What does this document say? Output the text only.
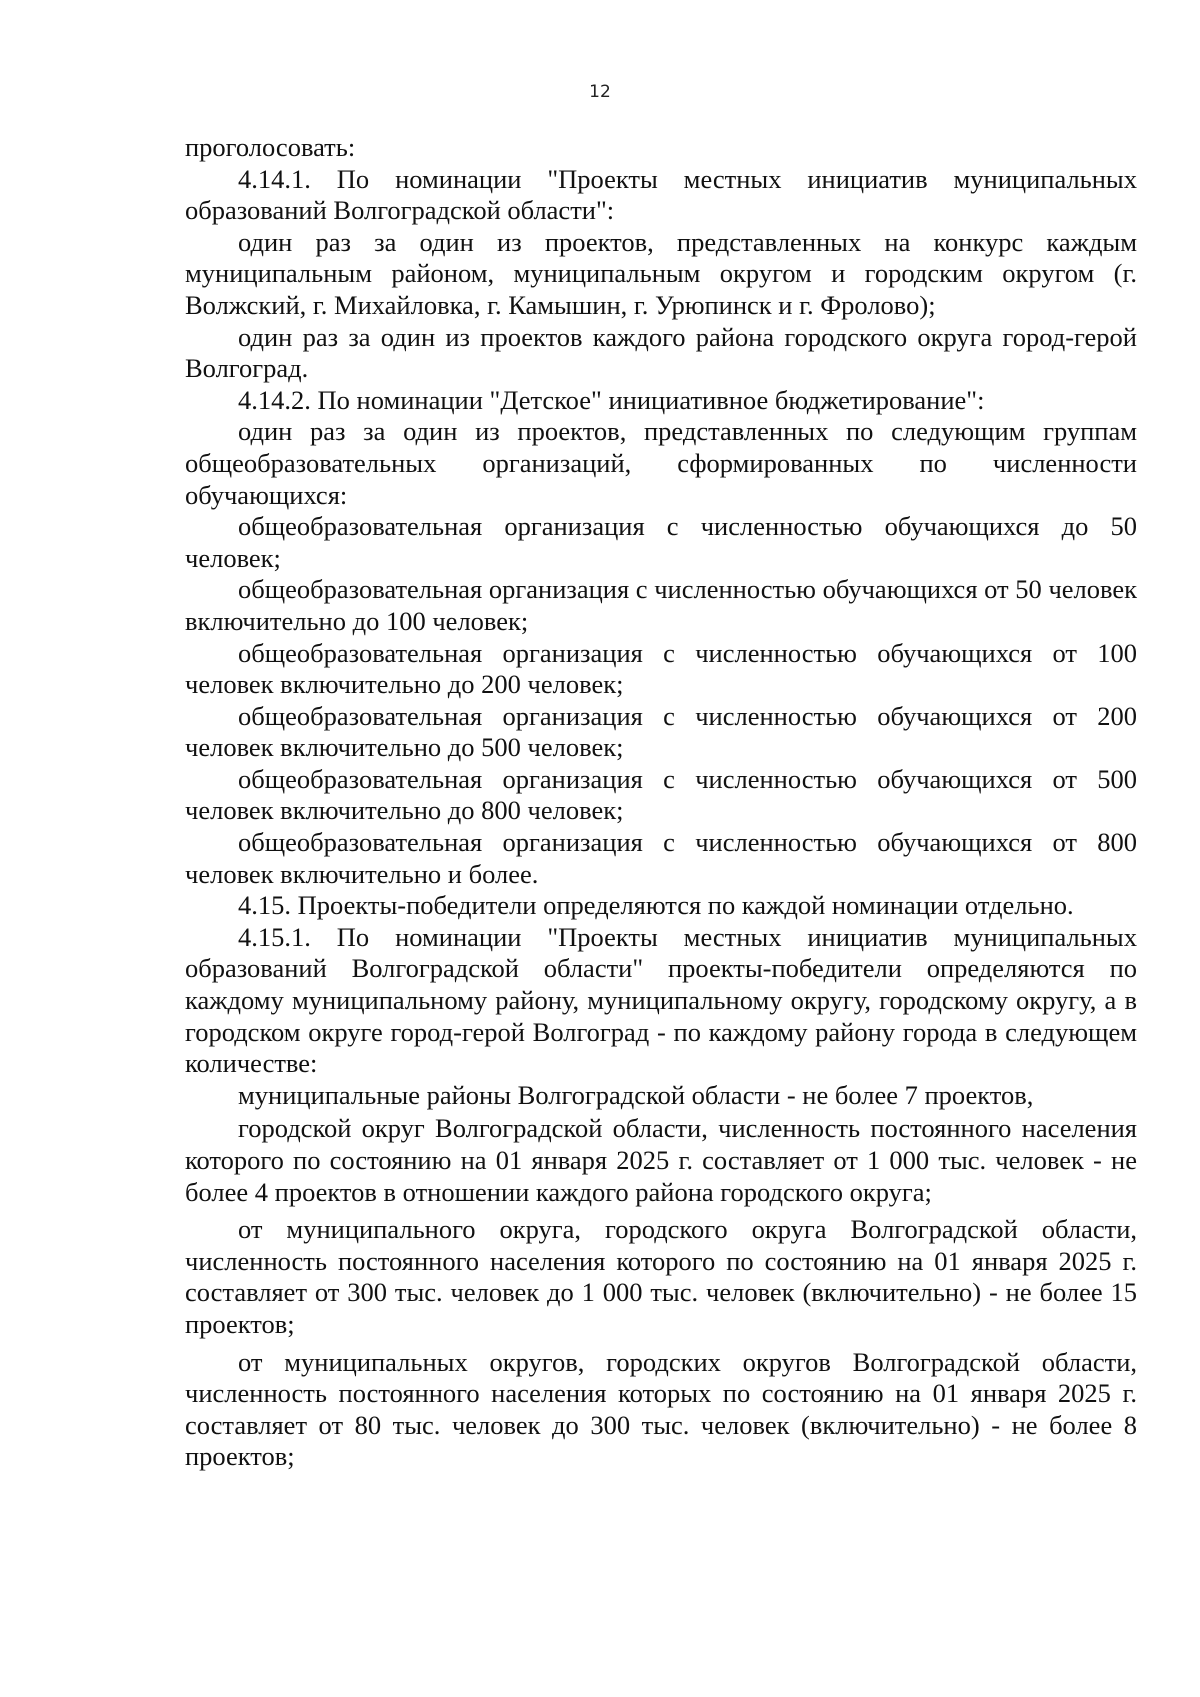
12

проголосовать:

4.14.1. По номинации "Проекты местных инициатив муниципальных образований Волгоградской области":

один раз за один из проектов, представленных на конкурс каждым муниципальным районом, муниципальным округом и городским округом (г. Волжский, г. Михайловка, г. Камышин, г. Урюпинск и г. Фролово);

один раз за один из проектов каждого района городского округа город-герой Волгоград.

4.14.2. По номинации "Детское" инициативное бюджетирование":

один раз за один из проектов, представленных по следующим группам общеобразовательных организаций, сформированных по численности обучающихся:

общеобразовательная организация с численностью обучающихся до 50 человек;

общеобразовательная организация с численностью обучающихся от 50 человек включительно до 100 человек;

общеобразовательная организация с численностью обучающихся от 100 человек включительно до 200 человек;

общеобразовательная организация с численностью обучающихся от 200 человек включительно до 500 человек;

общеобразовательная организация с численностью обучающихся от 500 человек включительно до 800 человек;

общеобразовательная организация с численностью обучающихся от 800 человек включительно и более.

4.15. Проекты-победители определяются по каждой номинации отдельно.

4.15.1. По номинации "Проекты местных инициатив муниципальных образований Волгоградской области" проекты-победители определяются по каждому муниципальному району, муниципальному округу, городскому округу, а в городском округе город-герой Волгоград - по каждому району города в следующем количестве:

муниципальные районы Волгоградской области - не более 7 проектов,

городской округ Волгоградской области, численность постоянного населения которого по состоянию на 01 января 2025 г. составляет от 1 000 тыс. человек - не более 4 проектов в отношении каждого района городского округа;

от муниципального округа, городского округа Волгоградской области, численность постоянного населения которого по состоянию на 01 января 2025 г. составляет от 300 тыс. человек до 1 000 тыс. человек (включительно) - не более 15 проектов;

от муниципальных округов, городских округов Волгоградской области, численность постоянного населения которых по состоянию на 01 января 2025 г. составляет от 80 тыс. человек до 300 тыс. человек (включительно) - не более 8 проектов;
